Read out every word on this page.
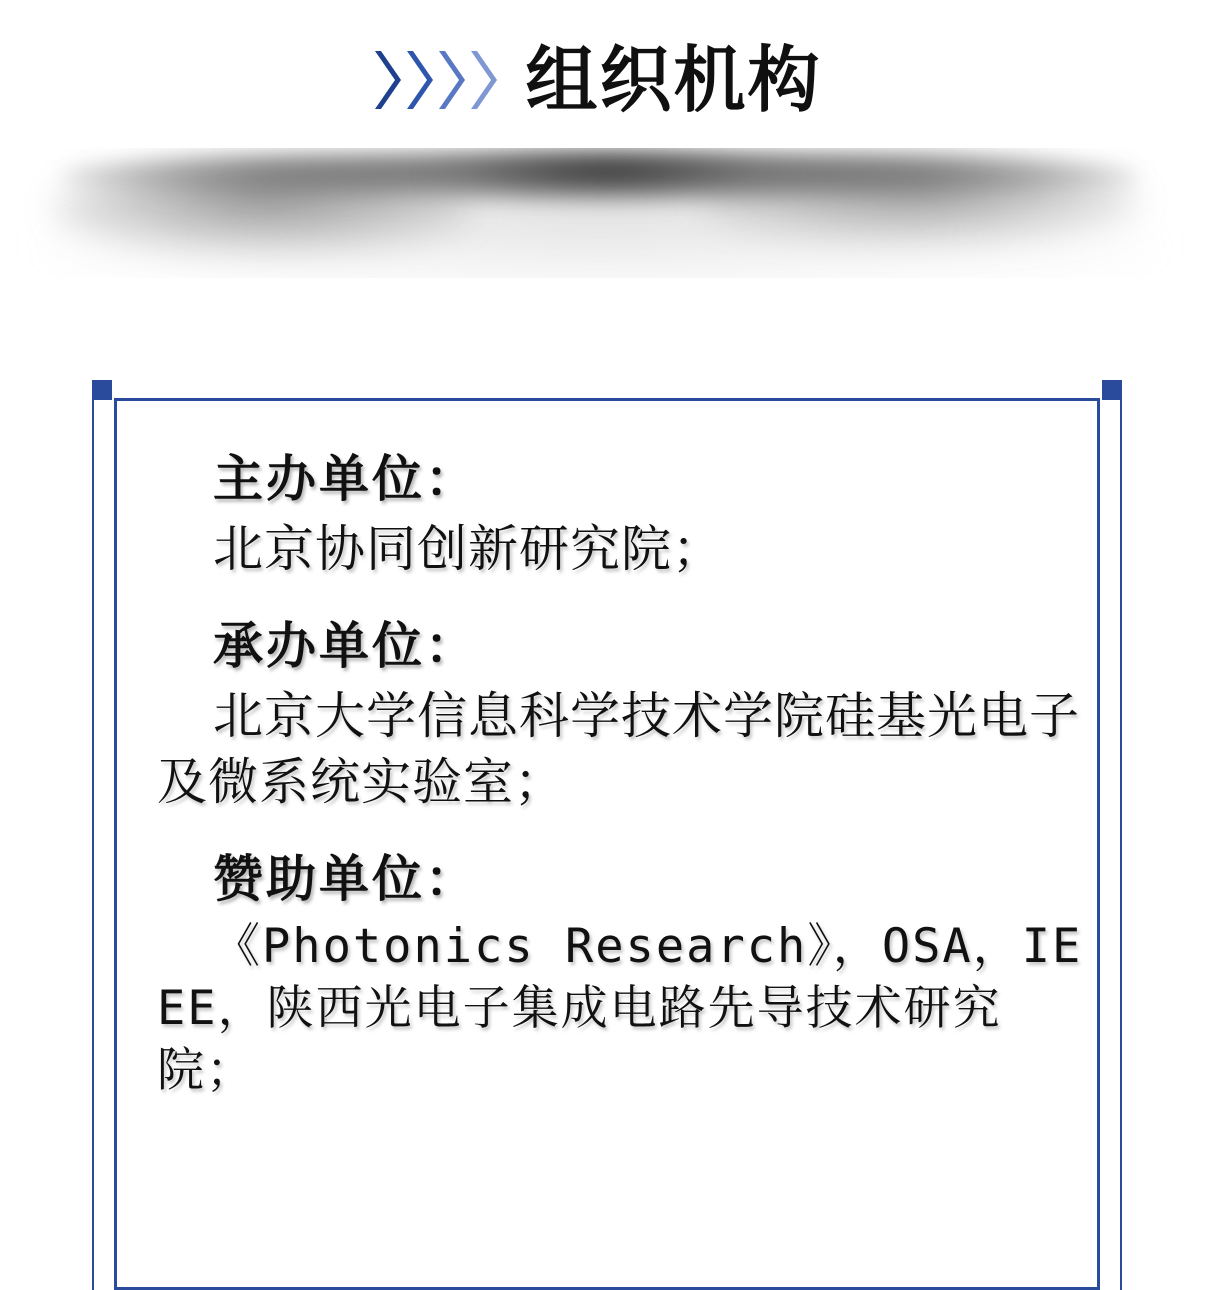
组织机构
主办单位：
北京协同创新研究院；
承办单位：
北京大学信息科学技术学院硅基光电子及微系统实验室；
赞助单位：
《Photonics Research》，OSA，IEEE，陕西光电子集成电路先导技术研究院；
